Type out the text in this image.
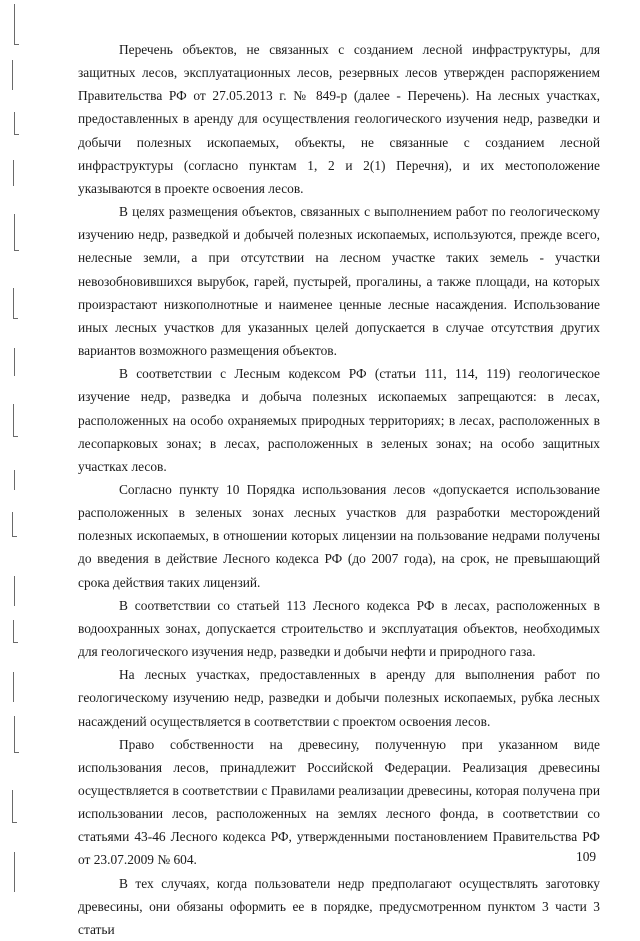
Перечень объектов, не связанных с созданием лесной инфраструктуры, для защитных лесов, эксплуатационных лесов, резервных лесов утвержден распоряжением Правительства РФ от 27.05.2013 г. № 849-р (далее - Перечень). На лесных участках, предоставленных в аренду для осуществления геологического изучения недр, разведки и добычи полезных ископаемых, объекты, не связанные с созданием лесной инфраструктуры (согласно пунктам 1, 2 и 2(1) Перечня), и их местоположение указываются в проекте освоения лесов.

В целях размещения объектов, связанных с выполнением работ по геологическому изучению недр, разведкой и добычей полезных ископаемых, используются, прежде всего, нелесные земли, а при отсутствии на лесном участке таких земель - участки невозобновившихся вырубок, гарей, пустырей, прогалины, а также площади, на которых произрастают низкополнотные и наименее ценные лесные насаждения. Использование иных лесных участков для указанных целей допускается в случае отсутствия других вариантов возможного размещения объектов.

В соответствии с Лесным кодексом РФ (статьи 111, 114, 119) геологическое изучение недр, разведка и добыча полезных ископаемых запрещаются: в лесах, расположенных на особо охраняемых природных территориях; в лесах, расположенных в лесопарковых зонах; в лесах, расположенных в зеленых зонах; на особо защитных участках лесов.

Согласно пункту 10 Порядка использования лесов «допускается использование расположенных в зеленых зонах лесных участков для разработки месторождений полезных ископаемых, в отношении которых лицензии на пользование недрами получены до введения в действие Лесного кодекса РФ (до 2007 года), на срок, не превышающий срока действия таких лицензий.

В соответствии со статьей 113 Лесного кодекса РФ в лесах, расположенных в водоохранных зонах, допускается строительство и эксплуатация объектов, необходимых для геологического изучения недр, разведки и добычи нефти и природного газа.

На лесных участках, предоставленных в аренду для выполнения работ по геологическому изучению недр, разведки и добычи полезных ископаемых, рубка лесных насаждений осуществляется в соответствии с проектом освоения лесов.

Право собственности на древесину, полученную при указанном виде использования лесов, принадлежит Российской Федерации. Реализация древесины осуществляется в соответствии с Правилами реализации древесины, которая получена при использовании лесов, расположенных на землях лесного фонда, в соответствии со статьями 43-46 Лесного кодекса РФ, утвержденными постановлением Правительства РФ от 23.07.2009 № 604.

В тех случаях, когда пользователи недр предполагают осуществлять заготовку древесины, они обязаны оформить ее в порядке, предусмотренном пунктом 3 части 3 статьи

109
